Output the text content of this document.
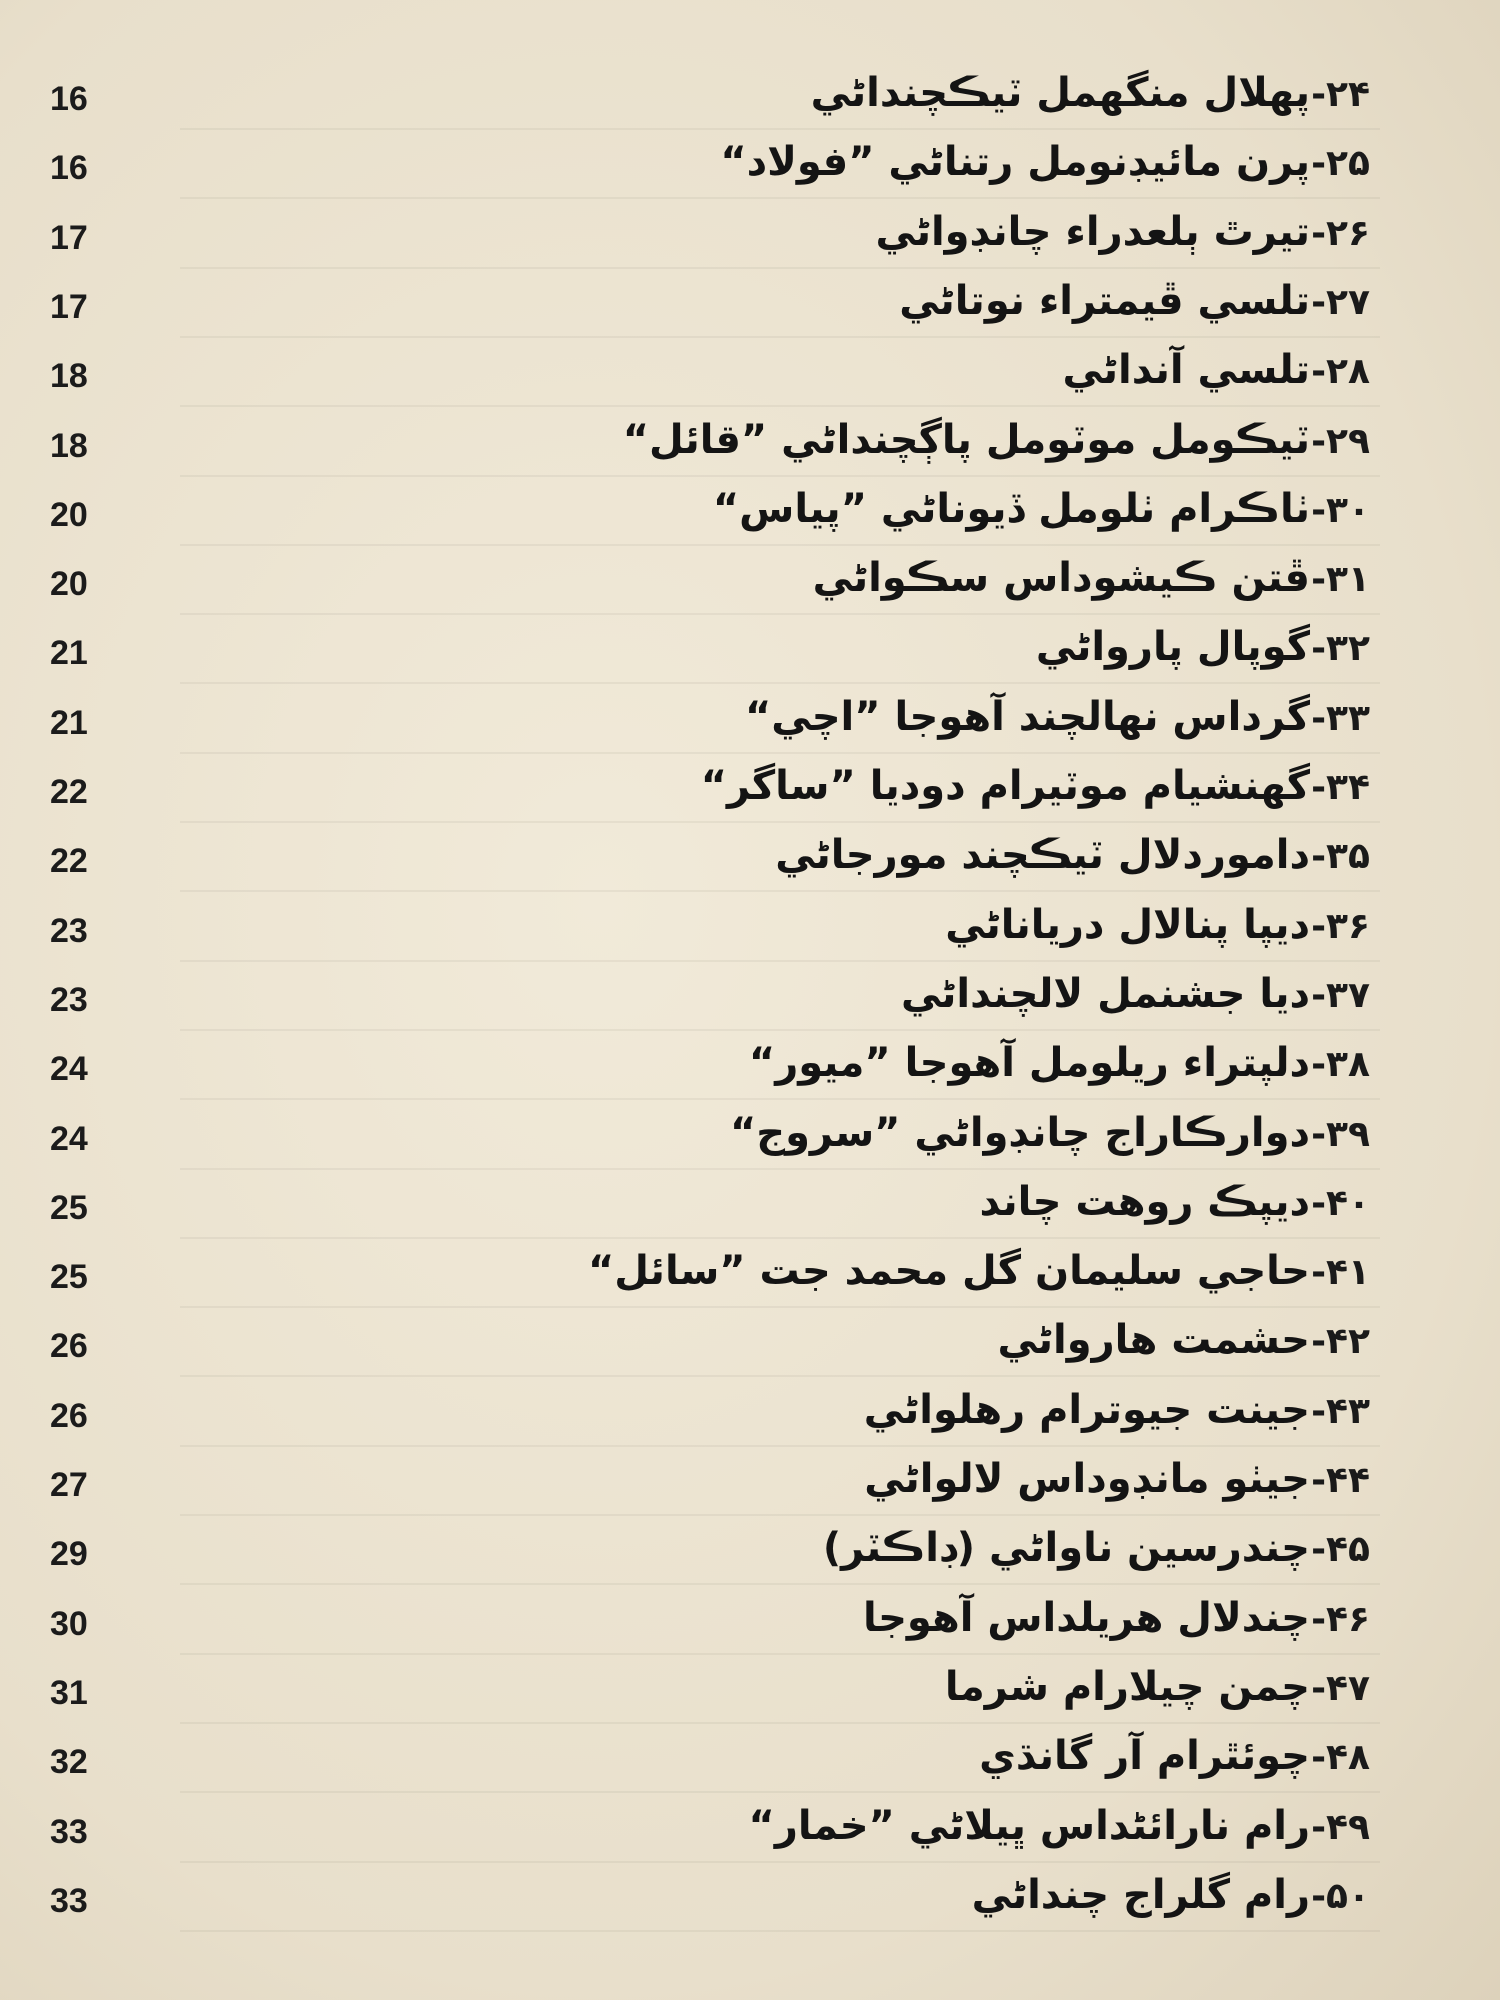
16	پهلال منگهمل ٽيڪچنداڻي ۲۴-
16	پرن مائيڊنومل رتناڻي ”فولاد“ ۲۵-
17	تيرٿ ٻلعدراء چانڊواڻي ۲۶-
17	تلسي ڦيمتراء نوتاڻي ۲۷-
18	تلسي آنداڻي ۲۸-
18	ٽيڪومل موٽومل پاڳچنداڻي ”قائل“ ۲۹-
20	ٺاڪرام ٺلومل ڏيوناڻي ”پياس“ ۳۰-
20	ڦتن ڪيشوداس سڪواڻي ۳۱-
21	گوپال پارواڻي ۳۲-
21	گرداس نهالچند آهوجا ”اچي“ ۳۳-
22	گهنشيام موٽيرام دوديا ”ساگر“ ۳۴-
22	داموردلال ٽيڪچند مورجاڻي ۳۵-
23	ديپا پنالال درياناڻي ۳۶-
23	ديا جشنمل لالچنداڻي ۳۷-
24	دلپتراء ريلومل آهوجا ”ميور“ ۳۸-
24	دوارڪاراج چانڊواڻي ”سروج“ ۳۹-
25	ديپڪ روهت چاند ۴۰-
25	حاجي سليمان گل محمد جت ”سائل“ ۴۱-
26	حشمت هارواڻي ۴۲-
26	جينت جيوترام رهلواڻي ۴۳-
27	جيٺو مانڊوداس لالواڻي ۴۴-
29	چندرسين ناواڻي (ڊاڪٽر) ۴۵-
30	چندلال هريلداس آهوجا ۴۶-
31	چمن چيلارام شرما ۴۷-
32	چوئٿرام آر گانڌي ۴۸-
33	رام نارائڻداس ڀيلاڻي ”خمار“ ۴۹-
33	رام گلراج چنداڻي ۵۰-
